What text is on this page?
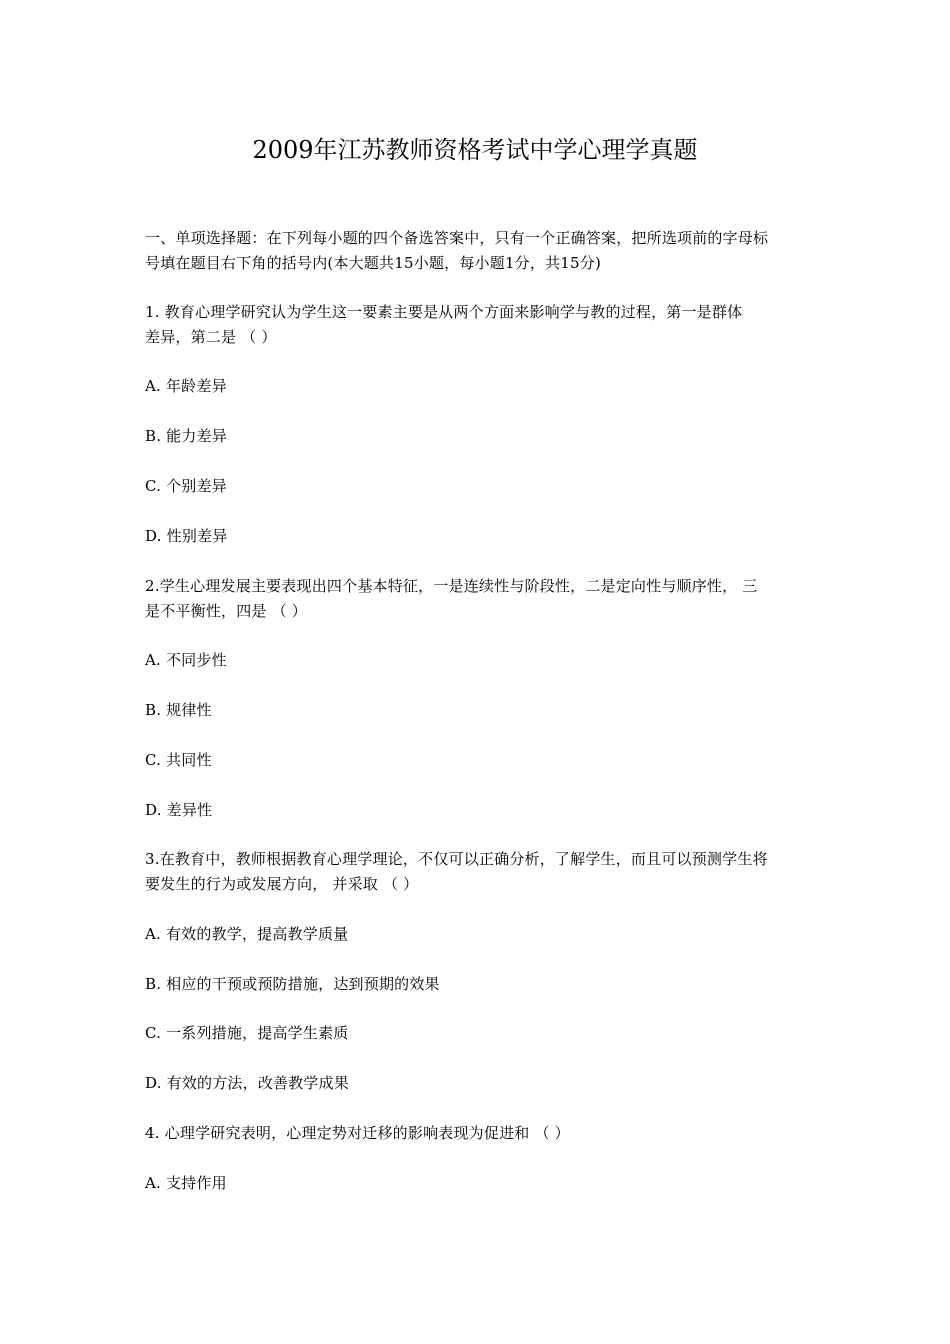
2009年江苏教师资格考试中学心理学真题
一、单项选择题：在下列每小题的四个备选答案中，只有一个正确答案，把所选项前的字母标
号填在题目右下角的括号内(本大题共15小题，每小题1分，共15分)
1. 教育心理学研究认为学生这一要素主要是从两个方面来影响学与教的过程，第一是群体
差异，第二是 （ ）
A. 年龄差异
B. 能力差异
C. 个别差异
D. 性别差异
2.学生心理发展主要表现出四个基本特征，一是连续性与阶段性，二是定向性与顺序性， 三
是不平衡性，四是 （ ）
A. 不同步性
B. 规律性
C. 共同性
D. 差异性
3.在教育中，教师根据教育心理学理论，不仅可以正确分析，了解学生，而且可以预测学生将
要发生的行为或发展方向， 并采取 （ ）
A. 有效的教学，提高教学质量
B. 相应的干预或预防措施，达到预期的效果
C. 一系列措施，提高学生素质
D. 有效的方法，改善教学成果
4. 心理学研究表明，心理定势对迁移的影响表现为促进和 （ ）
A. 支持作用
